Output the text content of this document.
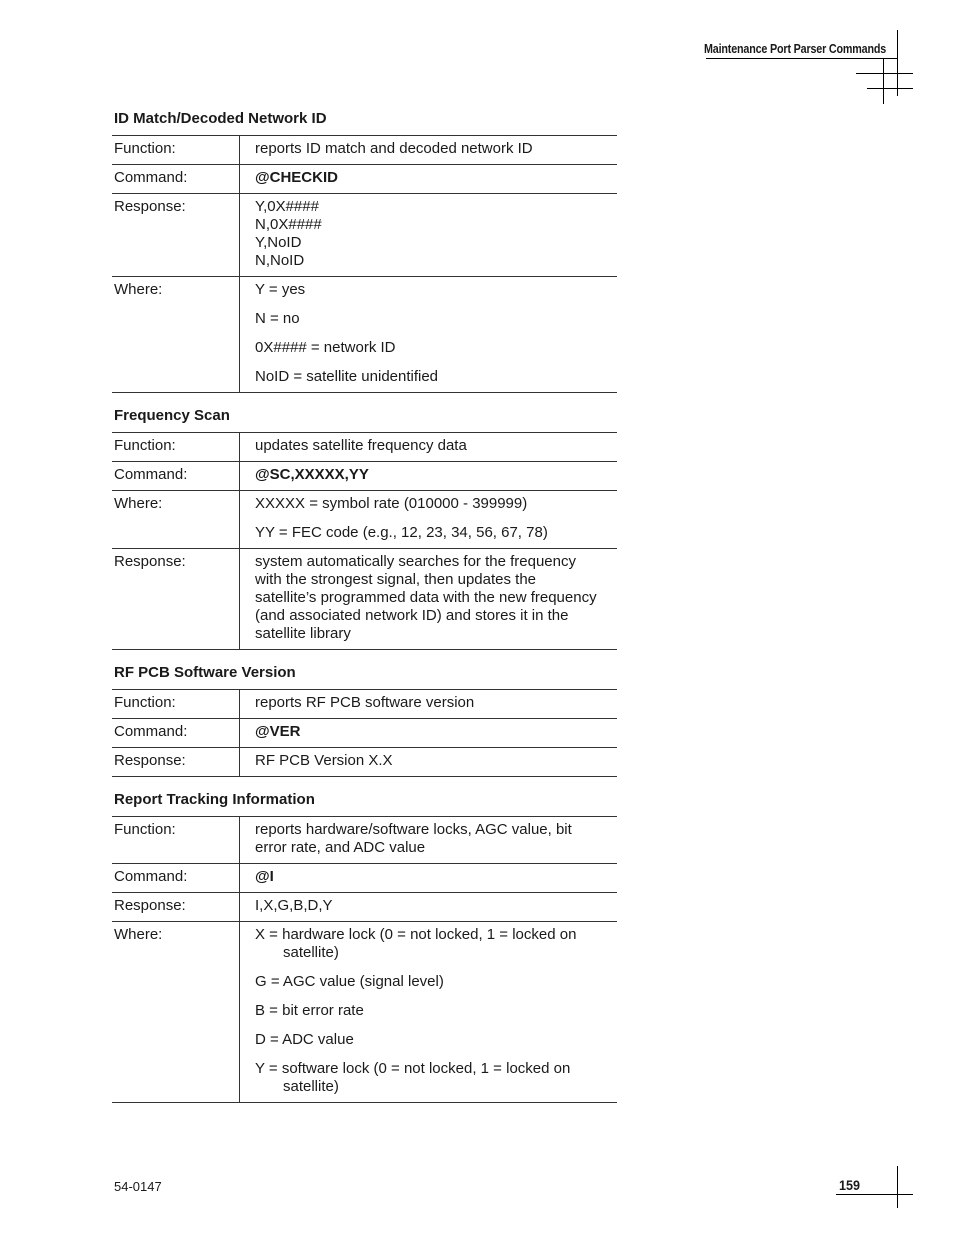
Maintenance Port Parser Commands
ID Match/Decoded Network ID
Function:	reports ID match and decoded network ID

Command:	@CHECKID

Response:	Y,0X####
N,0X####
Y,NoID
N,NoID

Where:	Y = yes
N = no
0X#### = network ID
NoID = satellite unidentified
Frequency Scan
Function:	updates satellite frequency data

Command:	@SC,XXXXX,YY

Where:	XXXXX = symbol rate (010000 - 399999)
YY = FEC code (e.g., 12, 23, 34, 56, 67, 78)

Response:	system automatically searches for the frequency
with the strongest signal, then updates the
satellite’s programmed data with the new frequency
(and associated network ID) and stores it in the
satellite library
RF PCB Software Version
Function:	reports RF PCB software version

Command:	@VER

Response:	RF PCB Version X.X
Report Tracking Information
Function:	reports hardware/software locks, AGC value, bit
error rate, and ADC value

Command:	@I

Response:	I,X,G,B,D,Y

Where:	X = hardware lock (0 = not locked, 1 = locked on satellite)
G = AGC value (signal level)
B = bit error rate
D = ADC value
Y = software lock (0 = not locked, 1 = locked on satellite)
54-0147	159
